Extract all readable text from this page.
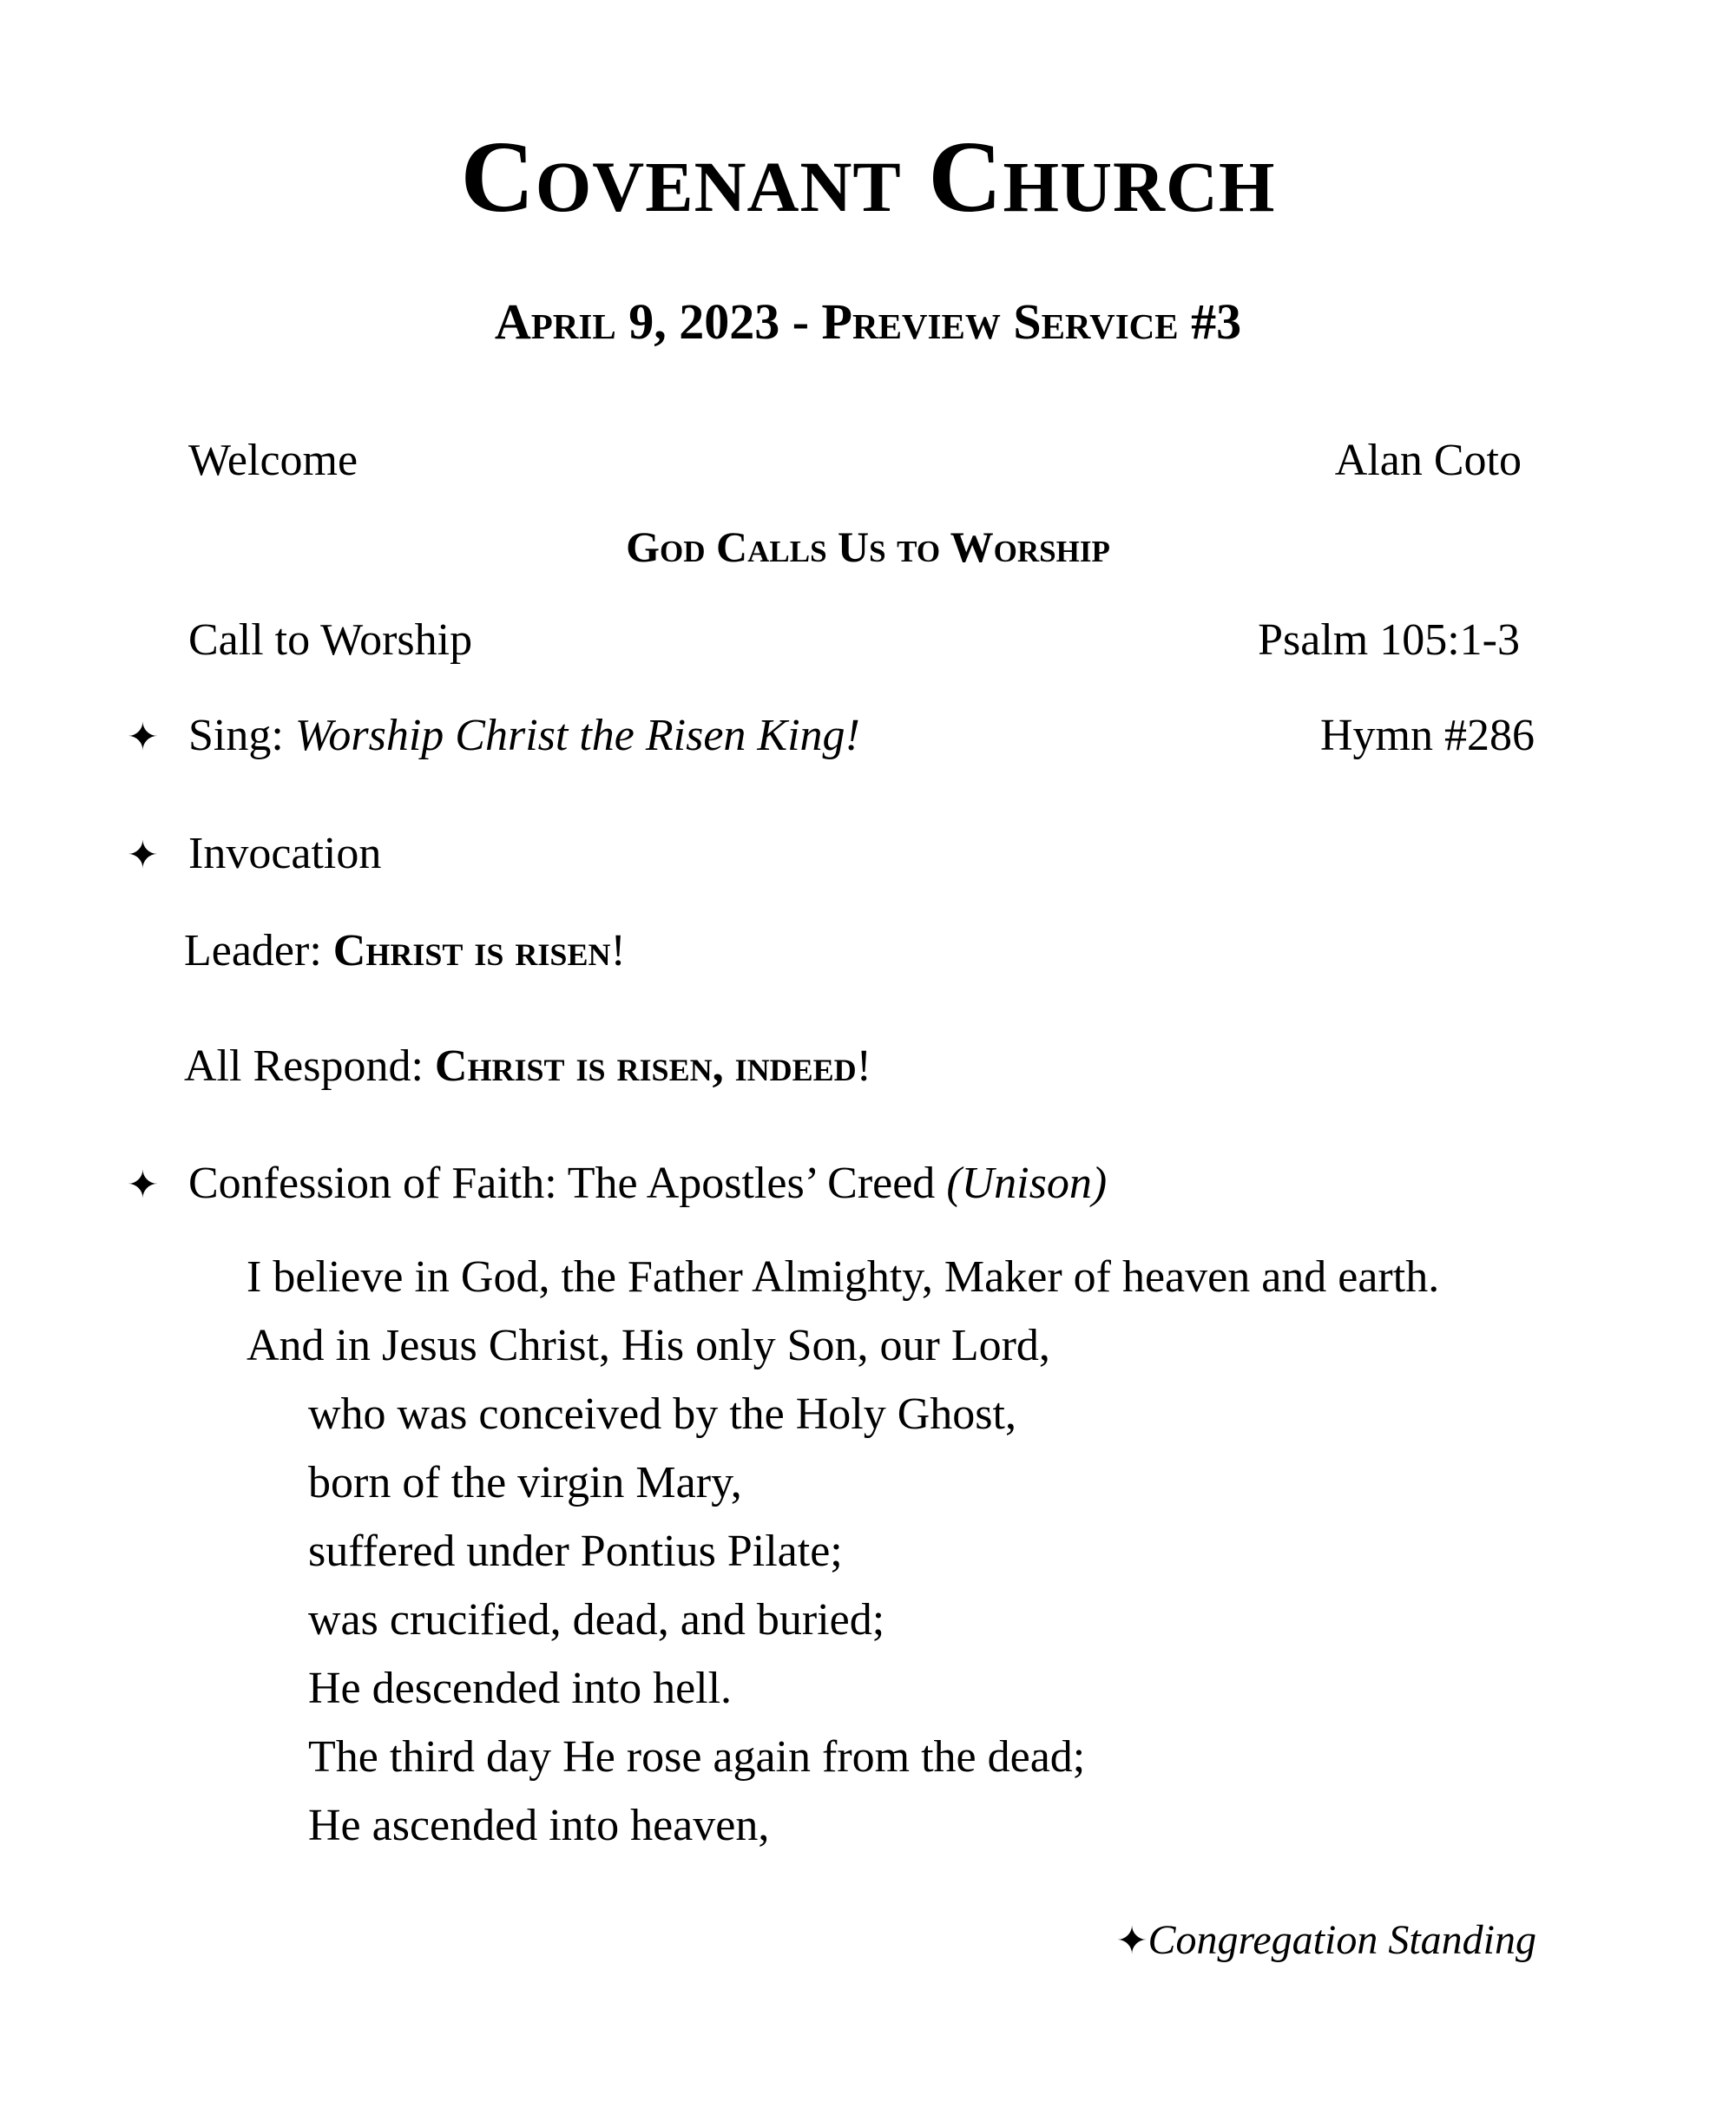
Covenant Church
April 9, 2023 - Preview Service #3
Welcome	Alan Coto
God Calls Us to Worship
Call to Worship	Psalm 105:1-3
✦ Sing: Worship Christ the Risen King!	Hymn #286
✦ Invocation
Leader: Christ is risen!
All Respond: Christ is risen, indeed!
✦ Confession of Faith: The Apostles’ Creed (Unison)
I believe in God, the Father Almighty, Maker of heaven and earth.
And in Jesus Christ, His only Son, our Lord,
who was conceived by the Holy Ghost,
born of the virgin Mary,
suffered under Pontius Pilate;
was crucified, dead, and buried;
He descended into hell.
The third day He rose again from the dead;
He ascended into heaven,
✦Congregation Standing
